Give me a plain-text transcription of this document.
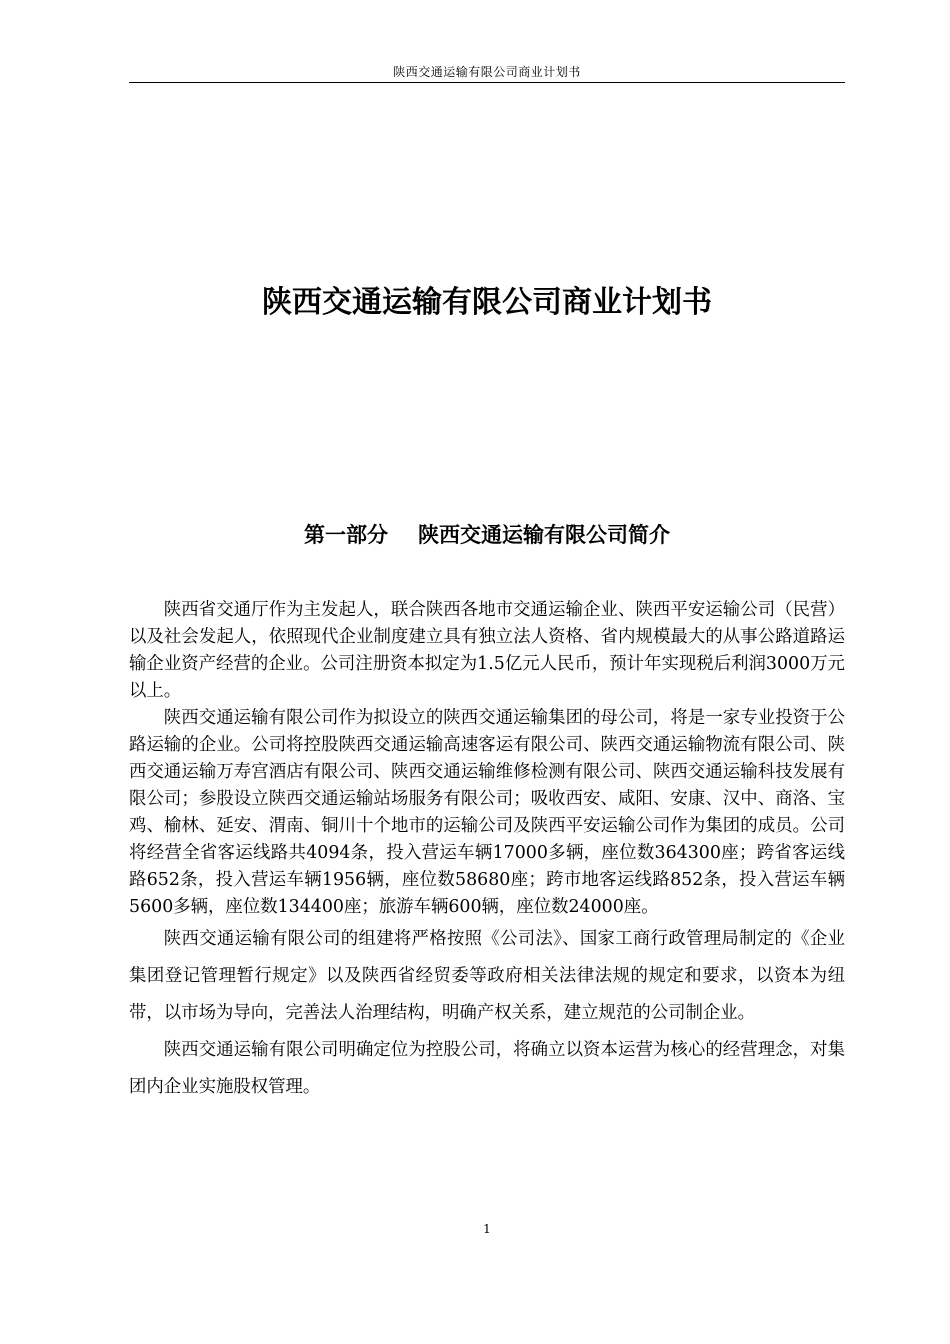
陕西交通运输有限公司商业计划书
陕西交通运输有限公司商业计划书
第一部分 陕西交通运输有限公司简介

陕西省交通厅作为主发起人，联合陕西各地市交通运输企业、陕西平安运输公司（民营）以及社会发起人，依照现代企业制度建立具有独立法人资格、省内规模最大的从事公路道路运输企业资产经营的企业。公司注册资本拟定为1.5亿元人民币，预计年实现税后利润3000万元以上。

陕西交通运输有限公司作为拟设立的陕西交通运输集团的母公司，将是一家专业投资于公路运输的企业。公司将控股陕西交通运输高速客运有限公司、陕西交通运输物流有限公司、陕西交通运输万寿宫酒店有限公司、陕西交通运输维修检测有限公司、陕西交通运输科技发展有限公司；参股设立陕西交通运输站场服务有限公司；吸收西安、咸阳、安康、汉中、商洛、宝鸡、榆林、延安、渭南、铜川十个地市的运输公司及陕西平安运输公司作为集团的成员。公司将经营全省客运线路共4094条，投入营运车辆17000多辆，座位数364300座；跨省客运线路652条，投入营运车辆1956辆，座位数58680座；跨市地客运线路852条，投入营运车辆5600多辆，座位数134400座；旅游车辆600辆，座位数24000座。

陕西交通运输有限公司的组建将严格按照《公司法》、国家工商行政管理局制定的《企业集团登记管理暂行规定》以及陕西省经贸委等政府相关法律法规的规定和要求，以资本为纽带，以市场为导向，完善法人治理结构，明确产权关系，建立规范的公司制企业。

陕西交通运输有限公司明确定位为控股公司，将确立以资本运营为核心的经营理念，对集团内企业实施股权管理。

1
